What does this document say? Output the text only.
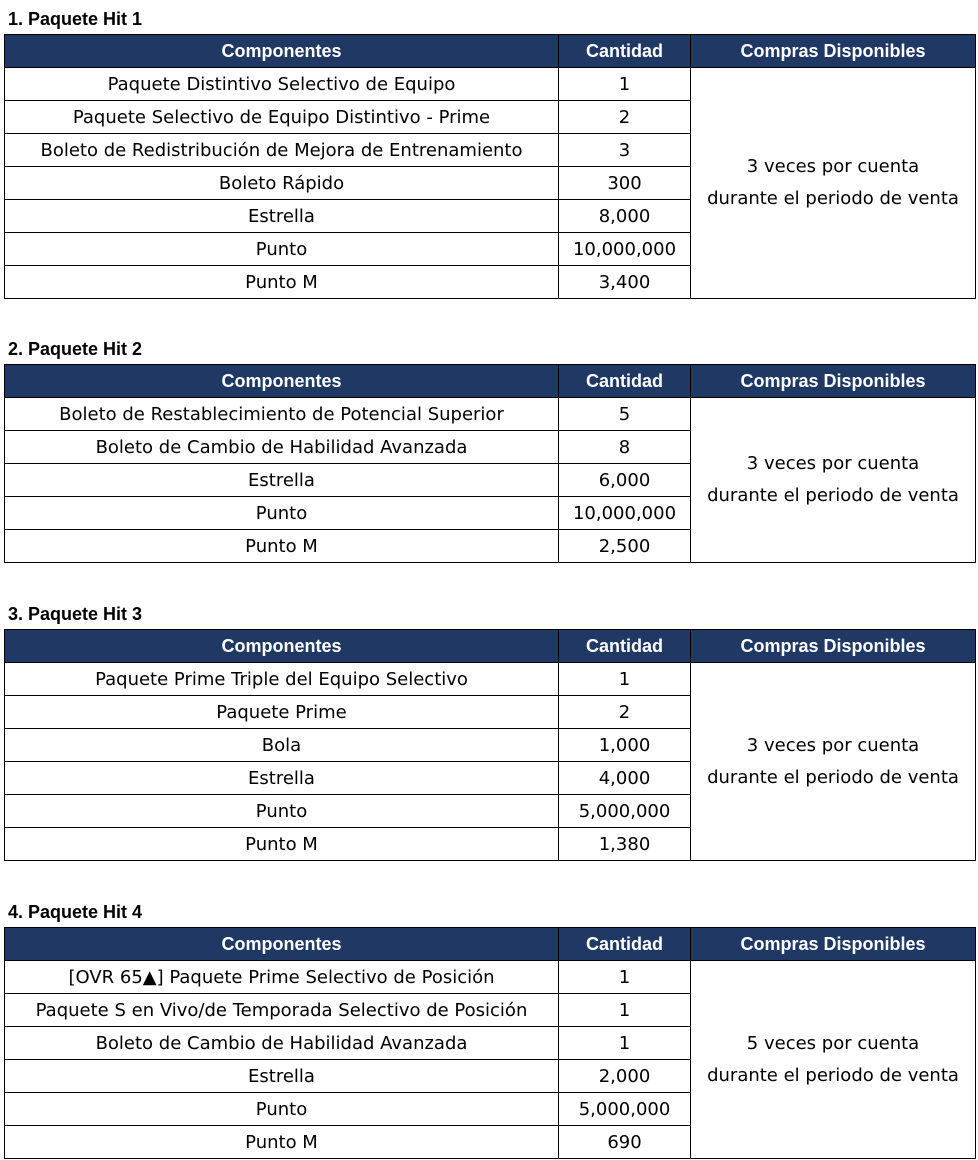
1. Paquete Hit 1
Componentes	Cantidad	Compras Disponibles
Paquete Distintivo Selectivo de Equipo	1	3 veces por cuenta
durante el periodo de venta
Paquete Selectivo de Equipo Distintivo - Prime	2	
Boleto de Redistribución de Mejora de Entrenamiento	3	
Boleto Rápido	300	
Estrella	8,000	
Punto	10,000,000	
Punto M	3,400	
2. Paquete Hit 2
Componentes	Cantidad	Compras Disponibles
Boleto de Restablecimiento de Potencial Superior	5	3 veces por cuenta
durante el periodo de venta
Boleto de Cambio de Habilidad Avanzada	8	
Estrella	6,000	
Punto	10,000,000	
Punto M	2,500	
3. Paquete Hit 3
Componentes	Cantidad	Compras Disponibles
Paquete Prime Triple del Equipo Selectivo	1	3 veces por cuenta
durante el periodo de venta
Paquete Prime	2	
Bola	1,000	
Estrella	4,000	
Punto	5,000,000	
Punto M	1,380	
4. Paquete Hit 4
Componentes	Cantidad	Compras Disponibles
[OVR 65▲] Paquete Prime Selectivo de Posición	1	5 veces por cuenta
durante el periodo de venta
Paquete S en Vivo/de Temporada Selectivo de Posición	1	
Boleto de Cambio de Habilidad Avanzada	1	
Estrella	2,000	
Punto	5,000,000	
Punto M	690	
